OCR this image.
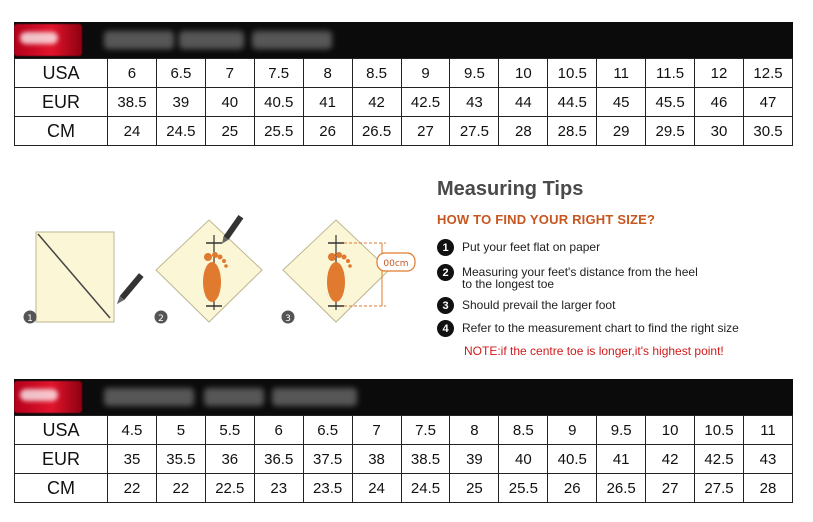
USA	6	6.5	7	7.5	8	8.5	9	9.5	10	10.5	11	11.5	12	12.5
EUR	38.5	39	40	40.5	41	42	42.5	43	44	44.5	45	45.5	46	47
CM	24	24.5	25	25.5	26	26.5	27	27.5	28	28.5	29	29.5	30	30.5
1	2
00cm
3
Measuring Tips
HOW TO FIND YOUR RIGHT SIZE?
1	Put your feet flat on paper
2	Measuring your feet's distance from the heel
to the longest toe
3	Should prevail the larger foot
4	Refer to the measurement chart to find the right size
NOTE:if the centre toe is longer,it's highest point!
USA	4.5	5	5.5	6	6.5	7	7.5	8	8.5	9	9.5	10	10.5	11
EUR	35	35.5	36	36.5	37.5	38	38.5	39	40	40.5	41	42	42.5	43
CM	22	22	22.5	23	23.5	24	24.5	25	25.5	26	26.5	27	27.5	28
